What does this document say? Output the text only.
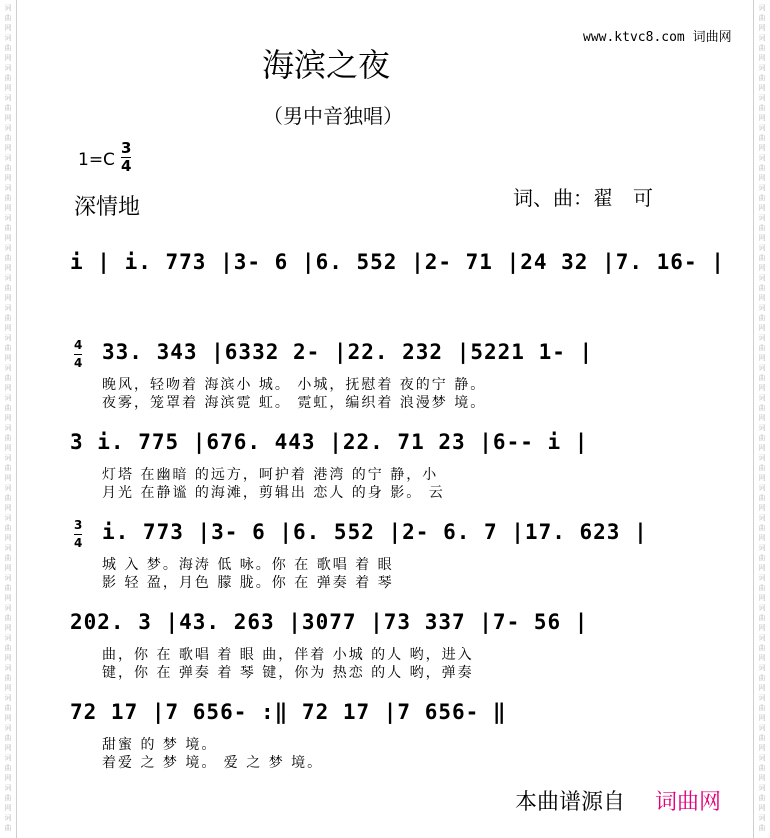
词
曲
网
词
曲
网
词
曲
网
词
曲
网
词
曲
网
词
曲
网
词
曲
网
词
曲
网
词
曲
网
词
曲
网
词
曲
网
词
曲
网
词
曲
网
词
曲
网
词
曲
网
词
曲
网
词
曲
网
词
曲
网
词
曲
网
词
曲
网
词
曲
网
词
曲
网
词
曲
网
词
曲
网
词
曲
网
词
曲
网
词
曲
网
词
曲
词
曲
网
词
曲
网
词
曲
网
词
曲
网
词
曲
网
词
曲
网
词
曲
网
词
曲
网
词
曲
网
词
曲
网
词
曲
网
词
曲
网
词
曲
网
词
曲
网
词
曲
网
词
曲
网
词
曲
网
词
曲
网
词
曲
网
词
曲
网
词
曲
网
词
曲
网
词
曲
网
词
曲
网
词
曲
网
词
曲
网
词
曲
网
词
曲
www.ktvc8.com 词曲网
海滨之夜
（男中音独唱）
1=C
3
4
深情地	词、曲：翟　可
i | i. 773 |3- 6 |6. 552 |2- 71 |24 32 |7. 16- |
4
4 33. 343 |6332 2- |22. 232 |5221 1- |
晚风，轻吻着 海滨小 城。 小城，抚慰着 夜的宁 静。
夜雾，笼罩着 海滨霓 虹。 霓虹，编织着 浪漫梦 境。
3 i. 775 |676. 443 |22. 71 23 |6-- i |
灯塔 在幽暗 的远方，呵护着 港湾 的宁 静，小
月光 在静谧 的海滩，剪辑出 恋人 的身 影。 云
3
4 i. 773 |3- 6 |6. 552 |2- 6. 7 |17. 623 |
城 入 梦。海涛 低 咏。你 在 歌唱 着 眼
影 轻 盈，月色 朦 胧。你 在 弹奏 着 琴
202. 3 |43. 263 |3077 |73 337 |7- 56 |
曲，你 在 歌唱 着 眼 曲，伴着 小城 的人 哟，进入
键，你 在 弹奏 着 琴 键，你为 热恋 的人 哟，弹奏
72 17 |7 656- :‖ 72 17 |7 656- ‖
甜蜜 的 梦 境。
着爱 之 梦 境。 爱 之 梦 境。
本曲谱源自 词曲网
